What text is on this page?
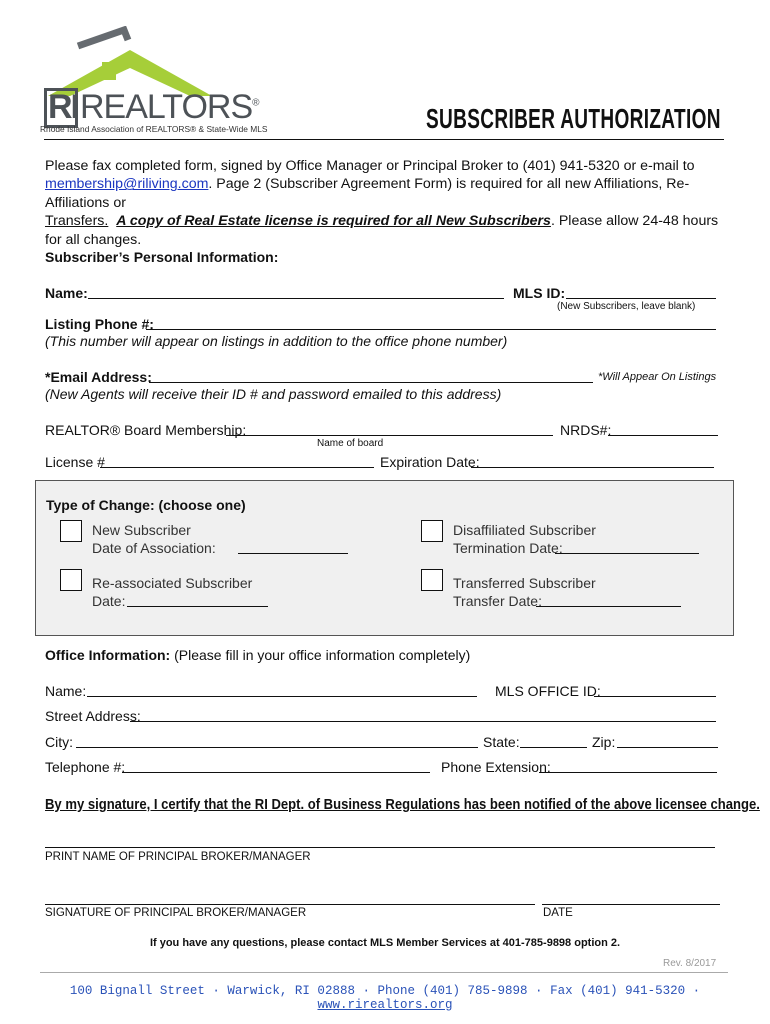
RI REALTORS®
Rhode Island Association of REALTORS® & State-Wide MLS	SUBSCRIBER AUTHORIZATION
Please fax completed form, signed by Office Manager or Principal Broker to (401) 941-5320 or e-mail to
membership@riliving.com. Page 2 (Subscriber Agreement Form) is required for all new Affiliations, Re-Affiliations or
Transfers. A copy of Real Estate license is required for all New Subscribers. Please allow 24-48 hours for all changes.
Subscriber’s Personal Information:
Name:	MLS ID:
(New Subscribers, leave blank)
Listing Phone #:
(This number will appear on listings in addition to the office phone number)
*Email Address:	*Will Appear On Listings
(New Agents will receive their ID # and password emailed to this address)
REALTOR® Board Membership:
Name of board
NRDS#:
License #	Expiration Date:
Type of Change: (choose one)
New Subscriber
Date of Association:
Disaffiliated Subscriber
Termination Date:
Re-associated Subscriber
Date:
Transferred Subscriber
Transfer Date:
Office Information: (Please fill in your office information completely)
Name:	MLS OFFICE ID:
Street Address:
City:	State:	Zip:
Telephone #:	Phone Extension:
By my signature, I certify that the RI Dept. of Business Regulations has been notified of the above licensee change.
PRINT NAME OF PRINCIPAL BROKER/MANAGER
SIGNATURE OF PRINCIPAL BROKER/MANAGER	DATE
If you have any questions, please contact MLS Member Services at 401-785-9898 option 2.
Rev. 8/2017
100 Bignall Street · Warwick, RI 02888 · Phone (401) 785-9898 · Fax (401) 941-5320 · www.rirealtors.org
